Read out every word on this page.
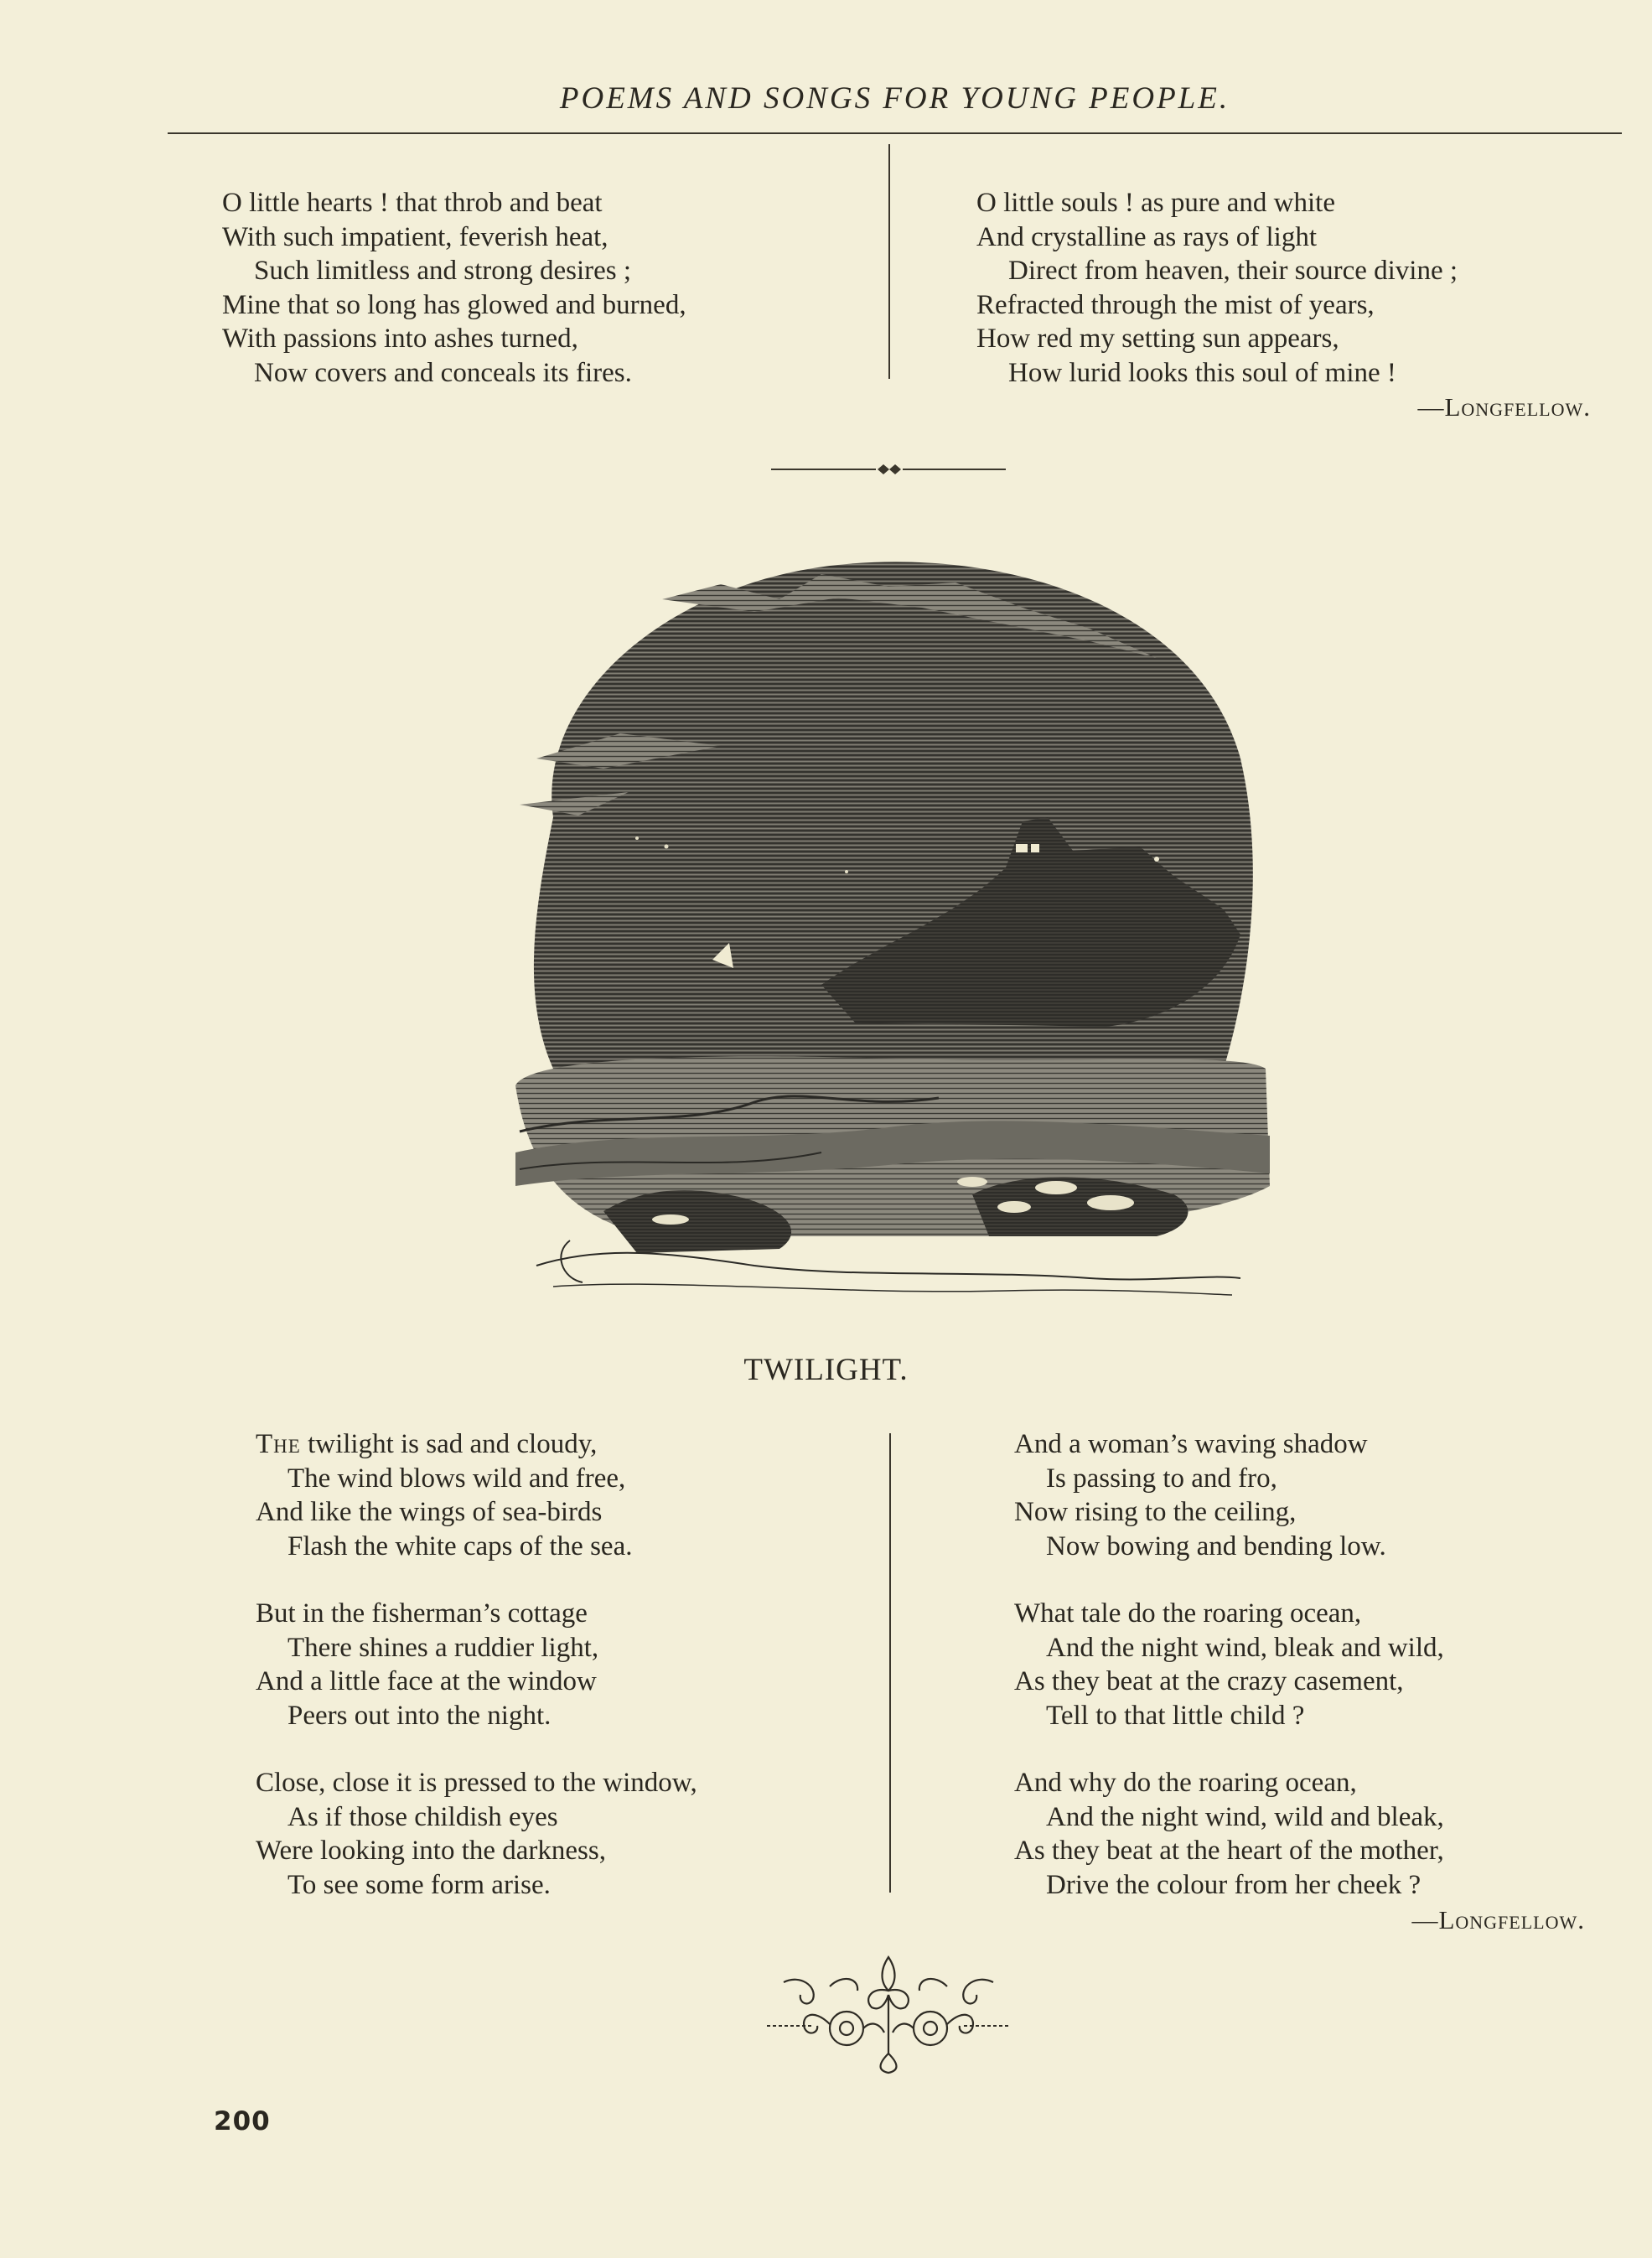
POEMS AND SONGS FOR YOUNG PEOPLE.
O little hearts ! that throb and beat
With such impatient, feverish heat,
Such limitless and strong desires ;
Mine that so long has glowed and burned,
With passions into ashes turned,
Now covers and conceals its fires.
O little souls ! as pure and white
And crystalline as rays of light
Direct from heaven, their source divine ;
Refracted through the mist of years,
How red my setting sun appears,
How lurid looks this soul of mine !
—Longfellow.
TWILIGHT.
The twilight is sad and cloudy,
The wind blows wild and free,
And like the wings of sea-birds
Flash the white caps of the sea.
But in the fisherman’s cottage
There shines a ruddier light,
And a little face at the window
Peers out into the night.
Close, close it is pressed to the window,
As if those childish eyes
Were looking into the darkness,
To see some form arise.
And a woman’s waving shadow
Is passing to and fro,
Now rising to the ceiling,
Now bowing and bending low.
What tale do the roaring ocean,
And the night wind, bleak and wild,
As they beat at the crazy casement,
Tell to that little child ?
And why do the roaring ocean,
And the night wind, wild and bleak,
As they beat at the heart of the mother,
Drive the colour from her cheek ?
—Longfellow.
200
